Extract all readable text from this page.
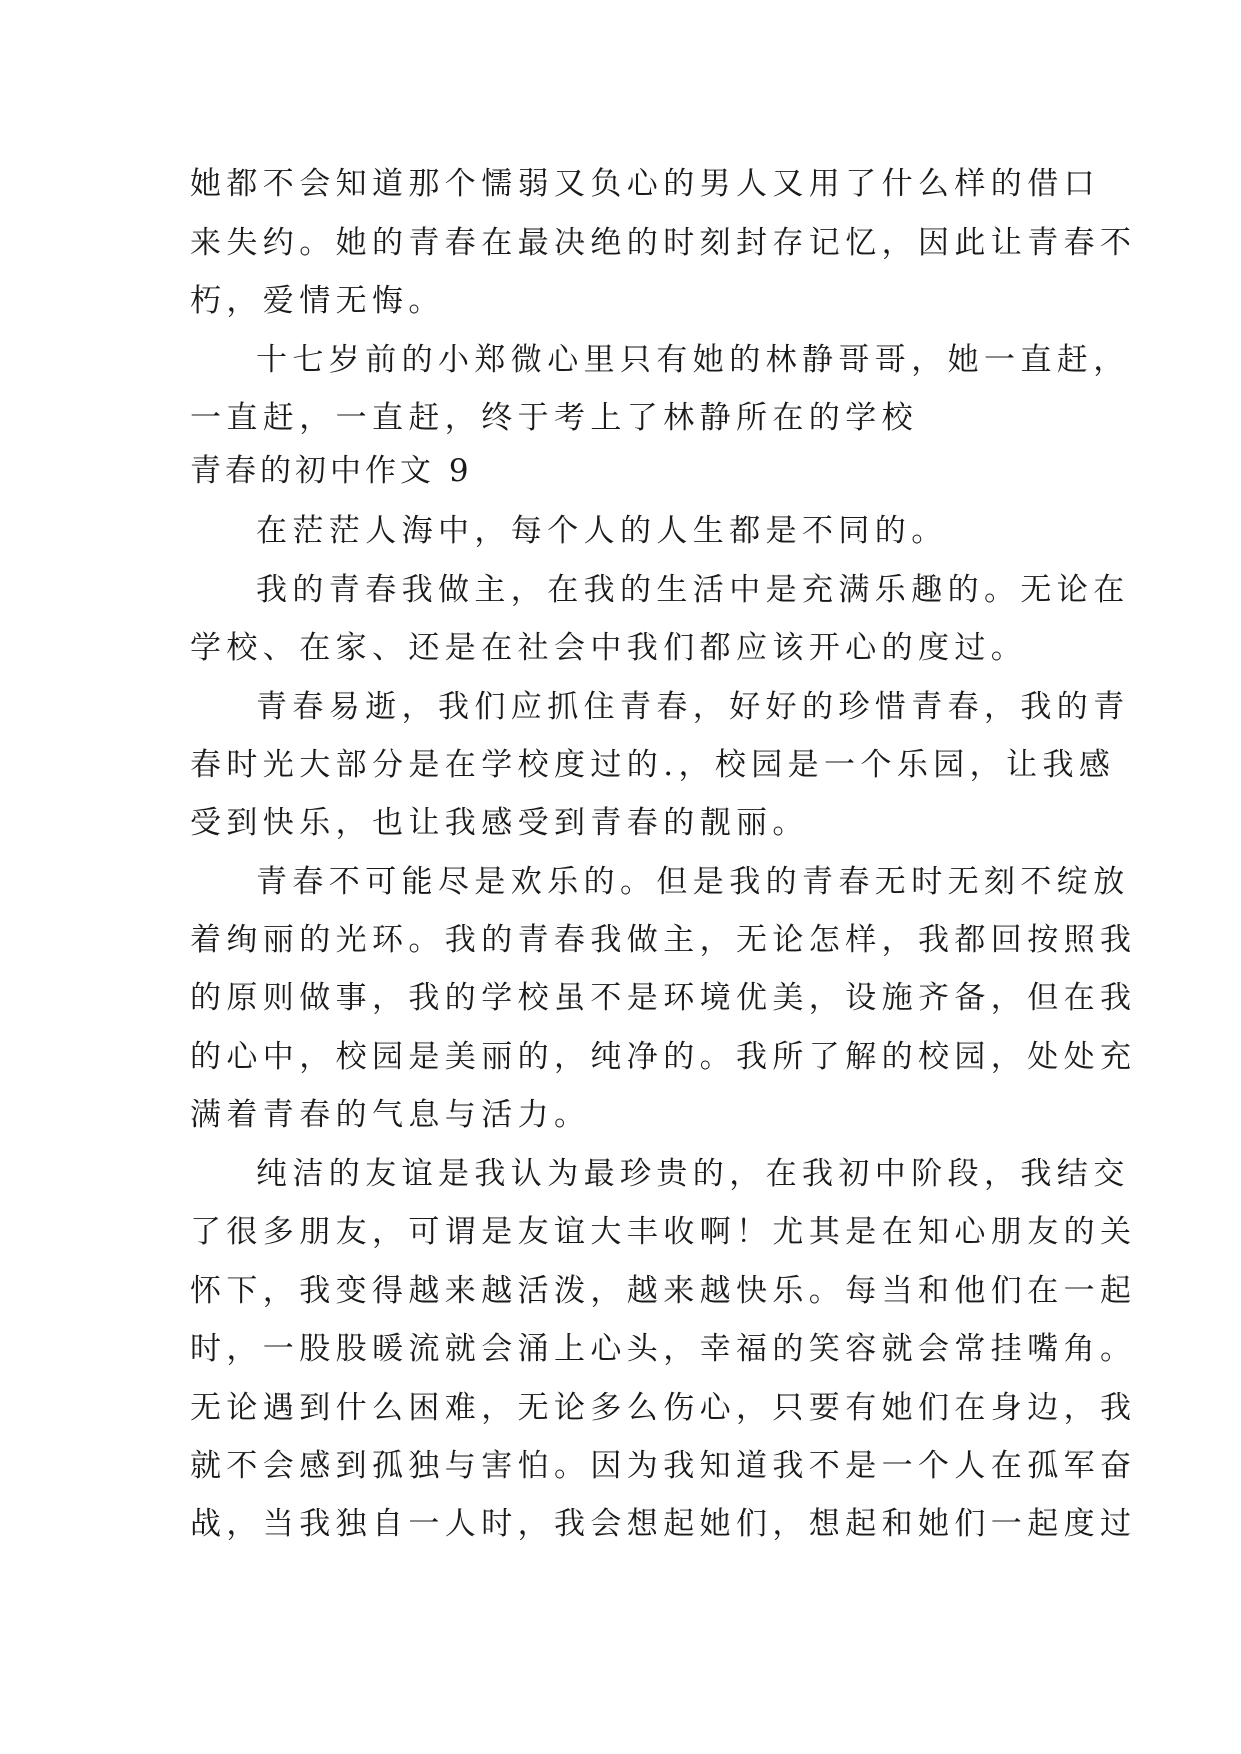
她都不会知道那个懦弱又负心的男人又用了什么样的借口
来失约。她的青春在最决绝的时刻封存记忆，因此让青春不
朽，爱情无悔。
十七岁前的小郑微心里只有她的林静哥哥，她一直赶，
一直赶，一直赶，终于考上了林静所在的学校
青春的初中作文 9
在茫茫人海中，每个人的人生都是不同的。
我的青春我做主，在我的生活中是充满乐趣的。无论在
学校、在家、还是在社会中我们都应该开心的度过。
青春易逝，我们应抓住青春，好好的珍惜青春，我的青
春时光大部分是在学校度过的.，校园是一个乐园，让我感
受到快乐，也让我感受到青春的靓丽。
青春不可能尽是欢乐的。但是我的青春无时无刻不绽放
着绚丽的光环。我的青春我做主，无论怎样，我都回按照我
的原则做事，我的学校虽不是环境优美，设施齐备，但在我
的心中，校园是美丽的，纯净的。我所了解的校园，处处充
满着青春的气息与活力。
纯洁的友谊是我认为最珍贵的，在我初中阶段，我结交
了很多朋友，可谓是友谊大丰收啊！尤其是在知心朋友的关
怀下，我变得越来越活泼，越来越快乐。每当和他们在一起
时，一股股暖流就会涌上心头，幸福的笑容就会常挂嘴角。
无论遇到什么困难，无论多么伤心，只要有她们在身边，我
就不会感到孤独与害怕。因为我知道我不是一个人在孤军奋
战，当我独自一人时，我会想起她们，想起和她们一起度过
